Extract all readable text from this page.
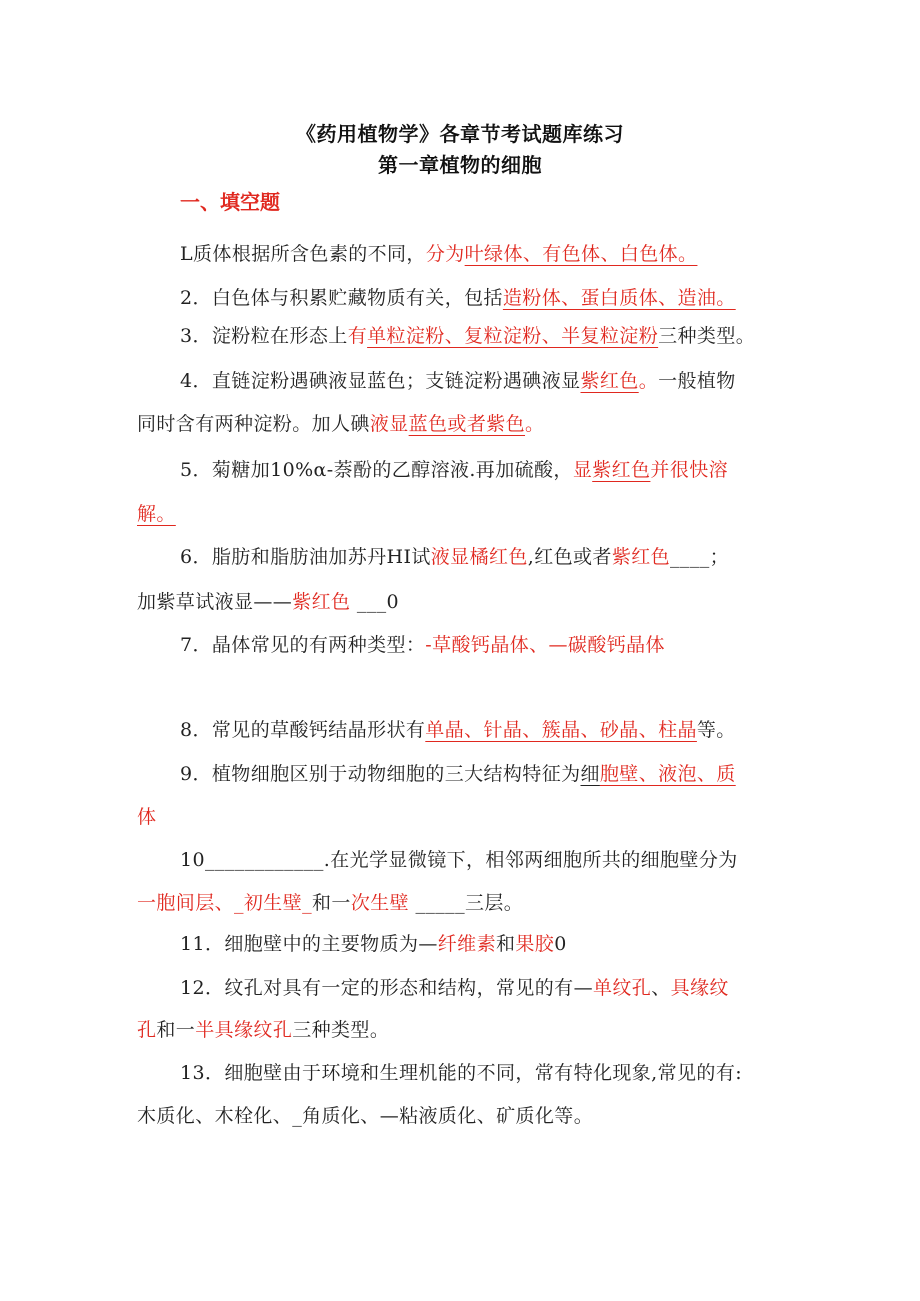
《药用植物学》各章节考试题库练习
第一章植物的细胞
一、填空题
L质体根据所含色素的不同，分为叶绿体、有色体、白色体。
2．白色体与积累贮藏物质有关，包括造粉体、蛋白质体、造油。
3．淀粉粒在形态上有单粒淀粉、复粒淀粉、半复粒淀粉三种类型。
4．直链淀粉遇碘液显蓝色；支链淀粉遇碘液显紫红色。一般植物
同时含有两种淀粉。加人碘液显蓝色或者紫色。
5．菊糖加10%α-萘酚的乙醇溶液.再加硫酸，显紫红色并很快溶
解。
6．脂肪和脂肪油加苏丹HI试液显橘红色,红色或者紫红色____；
加紫草试液显——紫红色 ___0
7．晶体常见的有两种类型：-草酸钙晶体、—碳酸钙晶体
8．常见的草酸钙结晶形状有单晶、针晶、簇晶、砂晶、柱晶等。
9．植物细胞区别于动物细胞的三大结构特征为细胞壁、液泡、质
体
10____________.在光学显微镜下，相邻两细胞所共的细胞壁分为
一胞间层、_初生壁_和一次生壁 _____三层。
11．细胞壁中的主要物质为—纤维素和果胶0
12．纹孔对具有一定的形态和结构，常见的有—单纹孔、具缘纹
孔和一半具缘纹孔三种类型。
13．细胞壁由于环境和生理机能的不同，常有特化现象,常见的有:
木质化、木栓化、_角质化、—粘液质化、矿质化等。
